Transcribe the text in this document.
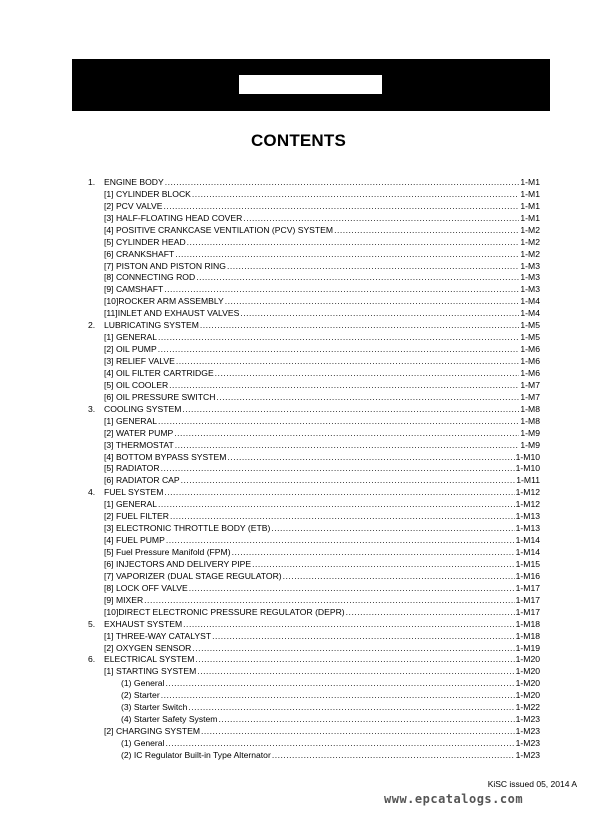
CONTENTS
1.	ENGINE BODY .....	1-M1
[1] CYLINDER BLOCK .....	1-M1
[2] PCV VALVE .....	1-M1
[3] HALF-FLOATING HEAD COVER .....	1-M1
[4] POSITIVE CRANKCASE VENTILATION (PCV) SYSTEM .....	1-M2
[5] CYLINDER HEAD .....	1-M2
[6] CRANKSHAFT .....	1-M2
[7] PISTON AND PISTON RING .....	1-M3
[8] CONNECTING ROD .....	1-M3
[9] CAMSHAFT .....	1-M3
[10]ROCKER ARM ASSEMBLY .....	1-M4
[11]INLET AND EXHAUST VALVES .....	1-M4
2.	LUBRICATING SYSTEM .....	1-M5
[1] GENERAL .....	1-M5
[2] OIL PUMP .....	1-M6
[3] RELIEF VALVE .....	1-M6
[4] OIL FILTER CARTRIDGE .....	1-M6
[5] OIL COOLER .....	1-M7
[6] OIL PRESSURE SWITCH .....	1-M7
3.	COOLING SYSTEM .....	1-M8
[1] GENERAL .....	1-M8
[2] WATER PUMP .....	1-M9
[3] THERMOSTAT .....	1-M9
[4] BOTTOM BYPASS SYSTEM .....	1-M10
[5] RADIATOR .....	1-M10
[6] RADIATOR CAP .....	1-M11
4.	FUEL SYSTEM .....	1-M12
[1] GENERAL .....	1-M12
[2] FUEL FILTER .....	1-M13
[3] ELECTRONIC THROTTLE BODY (ETB) .....	1-M13
[4] FUEL PUMP .....	1-M14
[5] Fuel Pressure Manifold (FPM) .....	1-M14
[6] INJECTORS AND DELIVERY PIPE .....	1-M15
[7] VAPORIZER (DUAL STAGE REGULATOR) .....	1-M16
[8] LOCK OFF VALVE .....	1-M17
[9] MIXER .....	1-M17
[10]DIRECT ELECTRONIC PRESSURE REGULATOR (DEPR) .....	1-M17
5.	EXHAUST SYSTEM .....	1-M18
[1] THREE-WAY CATALYST .....	1-M18
[2] OXYGEN SENSOR .....	1-M19
6.	ELECTRICAL SYSTEM .....	1-M20
[1] STARTING SYSTEM .....	1-M20
(1) General .....	1-M20
(2) Starter .....	1-M20
(3) Starter Switch .....	1-M22
(4) Starter Safety System .....	1-M23
[2] CHARGING SYSTEM .....	1-M23
(1) General .....	1-M23
(2) IC Regulator Built-in Type Alternator .....	1-M23
KiSC issued 05, 2014 A
www.epcatalogs.com
